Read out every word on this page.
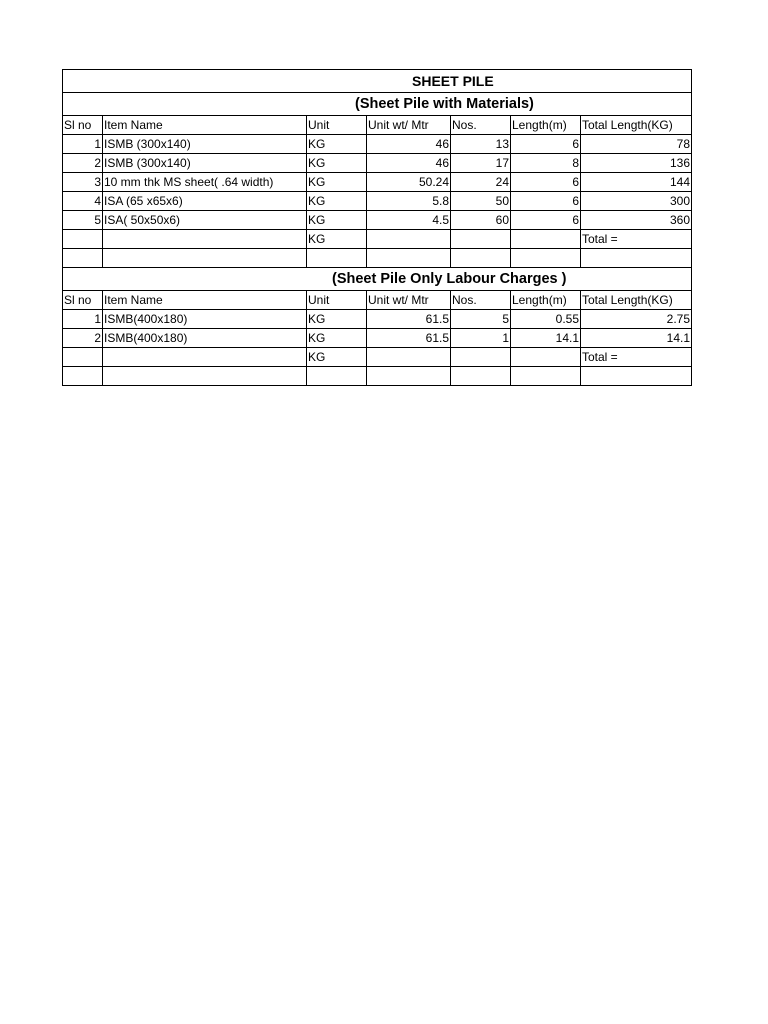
SHEET PILE						
(Sheet Pile with Materials)						
Sl no	Item Name	Unit	Unit wt/ Mtr	Nos.	Length(m)	Total Length(KG)
1	ISMB (300x140)	KG	46	13	6	78
2	ISMB (300x140)	KG	46	17	8	136
3	10 mm thk MS sheet( .64 width)	KG	50.24	24	6	144
4	ISA (65 x65x6)	KG	5.8	50	6	300
5	ISA( 50x50x6)	KG	4.5	60	6	360
		KG				Total =

(Sheet Pile Only Labour Charges )						
Sl no	Item Name	Unit	Unit wt/ Mtr	Nos.	Length(m)	Total Length(KG)
1	ISMB(400x180)	KG	61.5	5	0.55	2.75
2	ISMB(400x180)	KG	61.5	1	14.1	14.1
		KG				Total =
